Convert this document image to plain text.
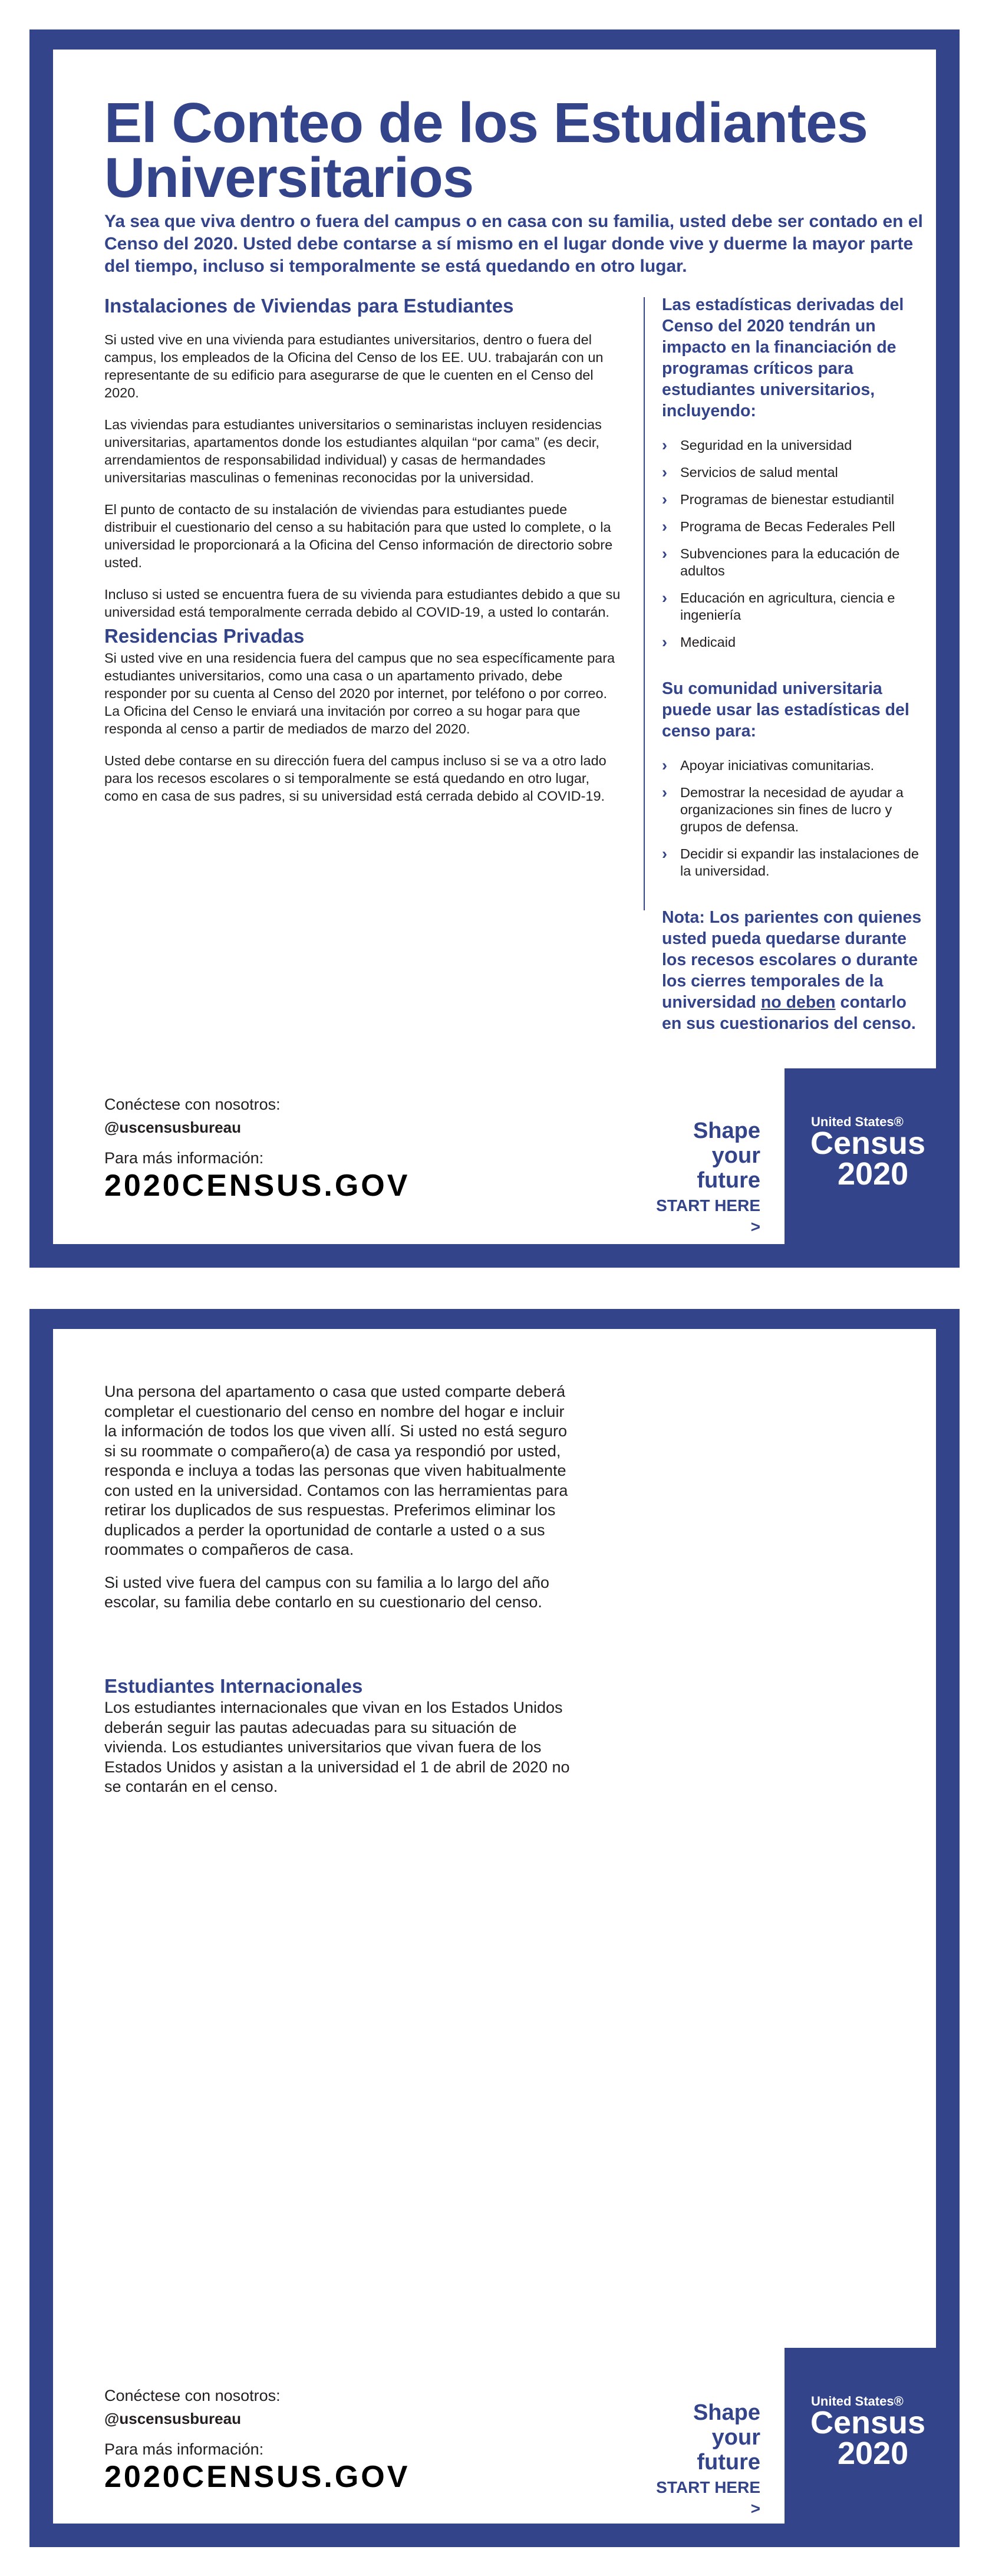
El Conteo de los Estudiantes Universitarios

Ya sea que viva dentro o fuera del campus o en casa con su familia, usted debe ser contado en el Censo del 2020. Usted debe contarse a sí mismo en el lugar donde vive y duerme la mayor parte del tiempo, incluso si temporalmente se está quedando en otro lugar.

Instalaciones de Viviendas para Estudiantes

Si usted vive en una vivienda para estudiantes universitarios, dentro o fuera del campus, los empleados de la Oficina del Censo de los EE. UU. trabajarán con un representante de su edificio para asegurarse de que le cuenten en el Censo del 2020.

Las viviendas para estudiantes universitarios o seminaristas incluyen residencias universitarias, apartamentos donde los estudiantes alquilan “por cama” (es decir, arrendamientos de responsabilidad individual) y casas de hermandades universitarias masculinas o femeninas reconocidas por la universidad.

El punto de contacto de su instalación de viviendas para estudiantes puede distribuir el cuestionario del censo a su habitación para que usted lo complete, o la universidad le proporcionará a la Oficina del Censo información de directorio sobre usted.

Incluso si usted se encuentra fuera de su vivienda para estudiantes debido a que su universidad está temporalmente cerrada debido al COVID-19, a usted lo contarán.

Residencias Privadas

Si usted vive en una residencia fuera del campus que no sea específicamente para estudiantes universitarios, como una casa o un apartamento privado, debe responder por su cuenta al Censo del 2020 por internet, por teléfono o por correo. La Oficina del Censo le enviará una invitación por correo a su hogar para que responda al censo a partir de mediados de marzo del 2020.

Usted debe contarse en su dirección fuera del campus incluso si se va a otro lado para los recesos escolares o si temporalmente se está quedando en otro lugar, como en casa de sus padres, si su universidad está cerrada debido al COVID-19.

Las estadísticas derivadas del Censo del 2020 tendrán un impacto en la financiación de programas críticos para estudiantes universitarios, incluyendo:

› Seguridad en la universidad
› Servicios de salud mental
› Programas de bienestar estudiantil
› Programa de Becas Federales Pell
› Subvenciones para la educación de adultos
› Educación en agricultura, ciencia e ingeniería
› Medicaid

Su comunidad universitaria puede usar las estadísticas del censo para:

› Apoyar iniciativas comunitarias.
› Demostrar la necesidad de ayudar a organizaciones sin fines de lucro y grupos de defensa.
› Decidir si expandir las instalaciones de la universidad.

Nota: Los parientes con quienes usted pueda quedarse durante los recesos escolares o durante los cierres temporales de la universidad no deben contarlo en sus cuestionarios del censo.

Conéctese con nosotros:

@uscensusbureau

Para más información:

2020CENSUS.GOV

Shape
your future
START HERE >
United States®
Census
2020

Una persona del apartamento o casa que usted comparte deberá completar el cuestionario del censo en nombre del hogar e incluir la información de todos los que viven allí. Si usted no está seguro si su roommate o compañero(a) de casa ya respondió por usted, responda e incluya a todas las personas que viven habitualmente con usted en la universidad. Contamos con las herramientas para retirar los duplicados de sus respuestas. Preferimos eliminar los duplicados a perder la oportunidad de contarle a usted o a sus roommates o compañeros de casa.

Si usted vive fuera del campus con su familia a lo largo del año escolar, su familia debe contarlo en su cuestionario del censo.

Estudiantes Internacionales

Los estudiantes internacionales que vivan en los Estados Unidos deberán seguir las pautas adecuadas para su situación de vivienda. Los estudiantes universitarios que vivan fuera de los Estados Unidos y asistan a la universidad el 1 de abril de 2020 no se contarán en el censo.

Conéctese con nosotros:

@uscensusbureau

Para más información:

2020CENSUS.GOV

Shape
your future
START HERE >
United States®
Census
2020
